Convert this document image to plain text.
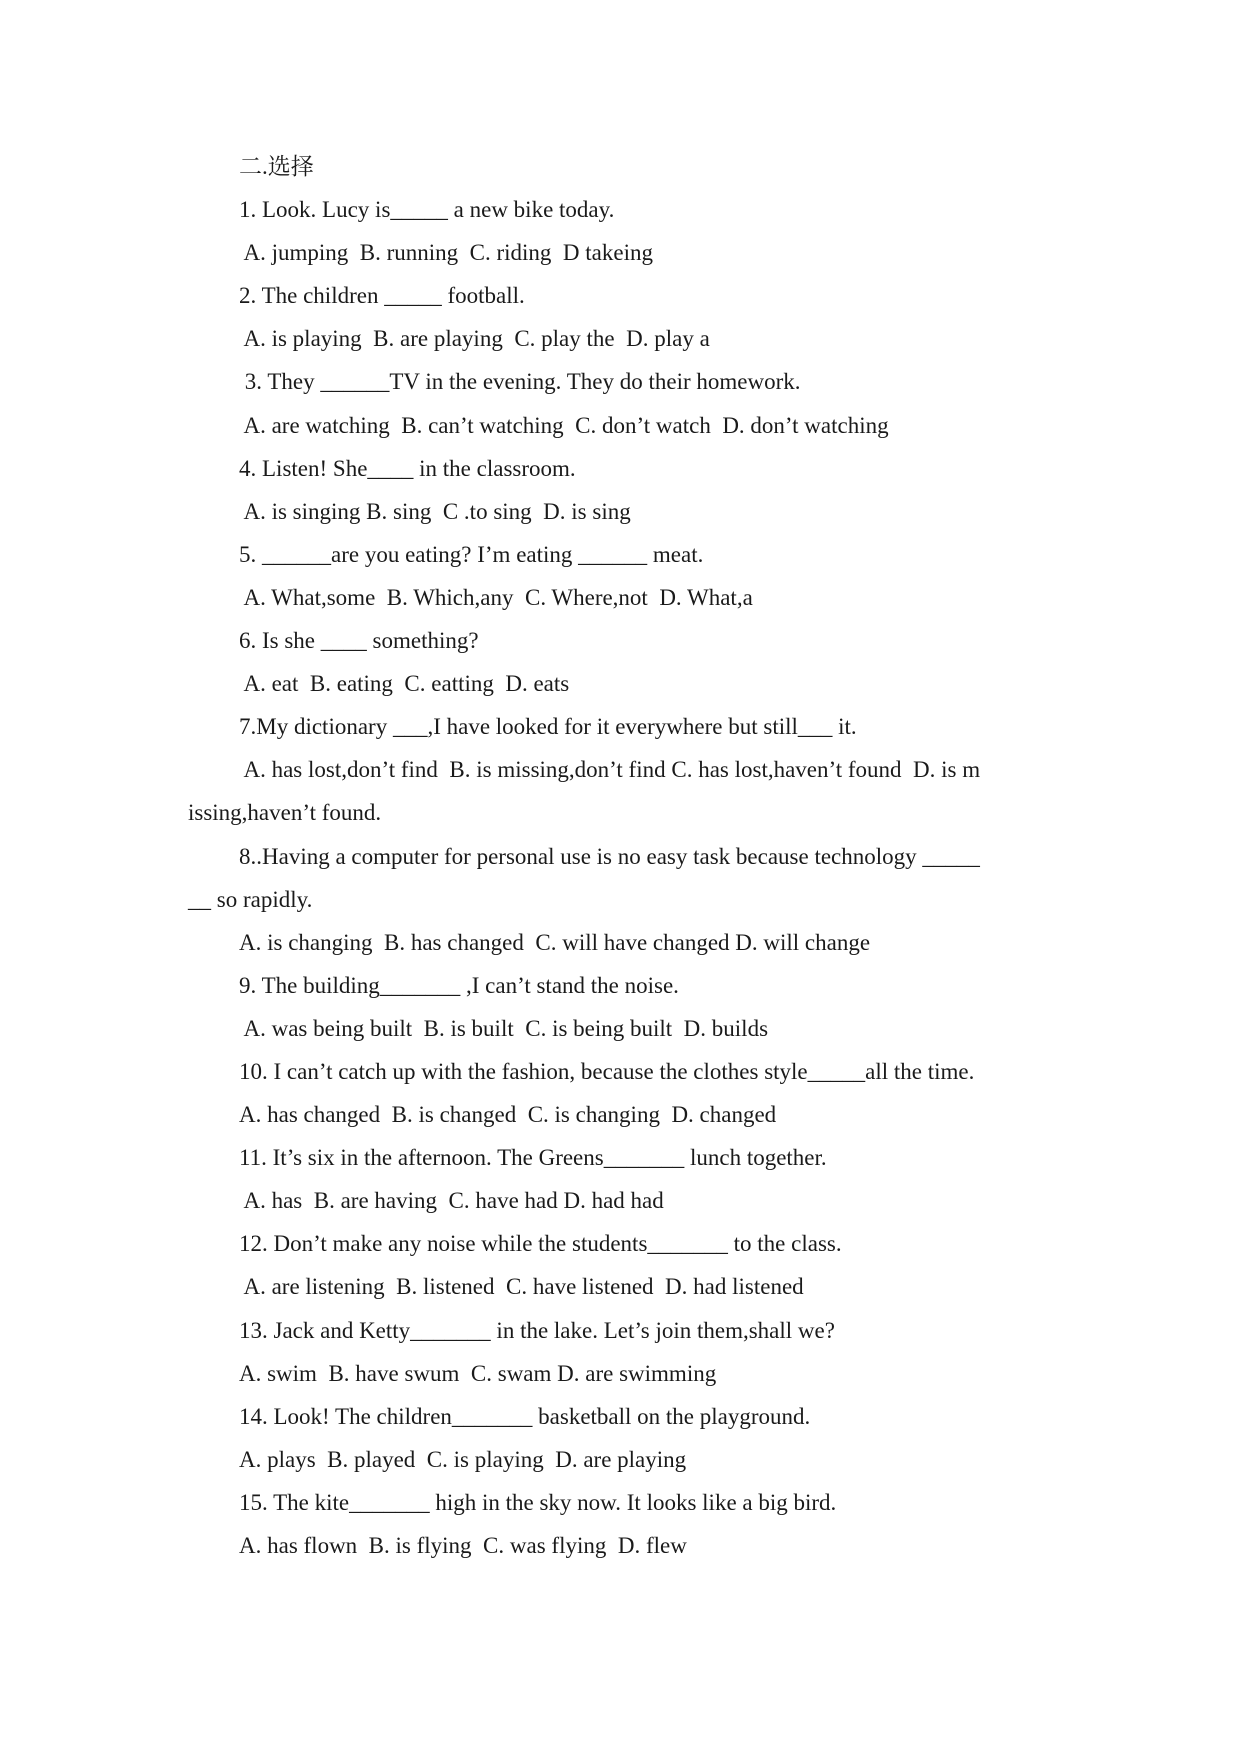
二.选择

1. Look. Lucy is_____ a new bike today.

A. jumping  B. running  C. riding  D takeing

2. The children _____ football.

A. is playing  B. are playing  C. play the  D. play a

3. They ______TV in the evening. They do their homework.

A. are watching  B. can’t watching  C. don’t watch  D. don’t watching

4. Listen! She____ in the classroom.

A. is singing B. sing  C .to sing  D. is sing

5. ______are you eating? I’m eating ______ meat.

A. What,some  B. Which,any  C. Where,not  D. What,a

6. Is she ____ something?

A. eat  B. eating  C. eatting  D. eats

7.My dictionary ___,I have looked for it everywhere but still___ it.

A. has lost,don’t find  B. is missing,don’t find C. has lost,haven’t found  D. is m

issing,haven’t found.

8..Having a computer for personal use is no easy task because technology _____

__ so rapidly.

A. is changing  B. has changed  C. will have changed D. will change

9. The building_______ ,I can’t stand the noise.

A. was being built  B. is built  C. is being built  D. builds

10. I can’t catch up with the fashion, because the clothes style_____all the time.

A. has changed  B. is changed  C. is changing  D. changed

11. It’s six in the afternoon. The Greens_______ lunch together.

A. has  B. are having  C. have had D. had had

12. Don’t make any noise while the students_______ to the class.

A. are listening  B. listened  C. have listened  D. had listened

13. Jack and Ketty_______ in the lake. Let’s join them,shall we?

A. swim  B. have swum  C. swam D. are swimming

14. Look! The children_______ basketball on the playground.

A. plays  B. played  C. is playing  D. are playing

15. The kite_______ high in the sky now. It looks like a big bird.

A. has flown  B. is flying  C. was flying  D. flew
